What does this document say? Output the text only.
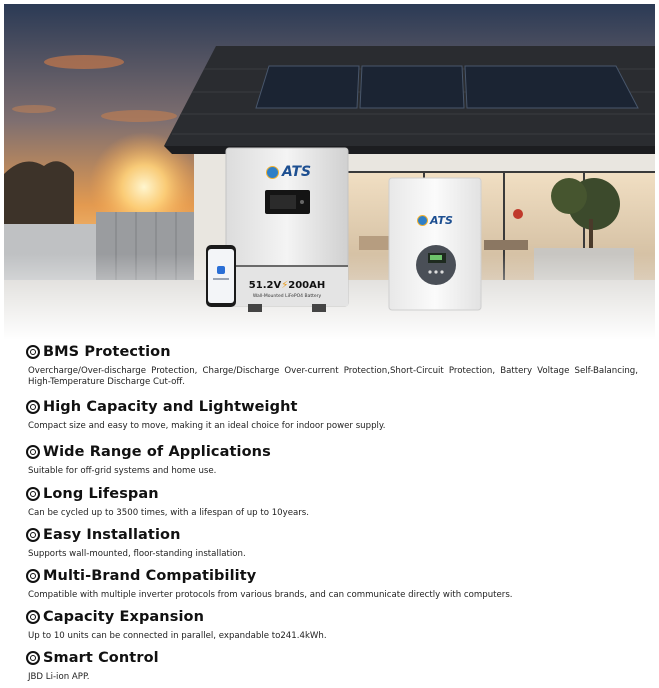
ATS
51.2V⚡200AH
Wall-Mounted LiFePO4 Battery
ATS
BMS Protection

Overcharge/Over-discharge Protection, Charge/Discharge Over-current Protection,Short-Circuit Protection, Battery Voltage Self-Balancing, High-Temperature Discharge Cut-off.

High Capacity and Lightweight

Compact size and easy to move, making it an ideal choice for indoor power supply.

Wide Range of Applications

Suitable for off-grid systems and home use.

Long Lifespan

Can be cycled up to 3500 times, with a lifespan of up to 10years.

Easy Installation

Supports wall-mounted, floor-standing installation.

Multi-Brand Compatibility

Compatible with multiple inverter protocols from various brands, and can communicate directly with computers.

Capacity Expansion

Up to 10 units can be connected in parallel, expandable to241.4kWh.

Smart Control

JBD Li-ion APP.
